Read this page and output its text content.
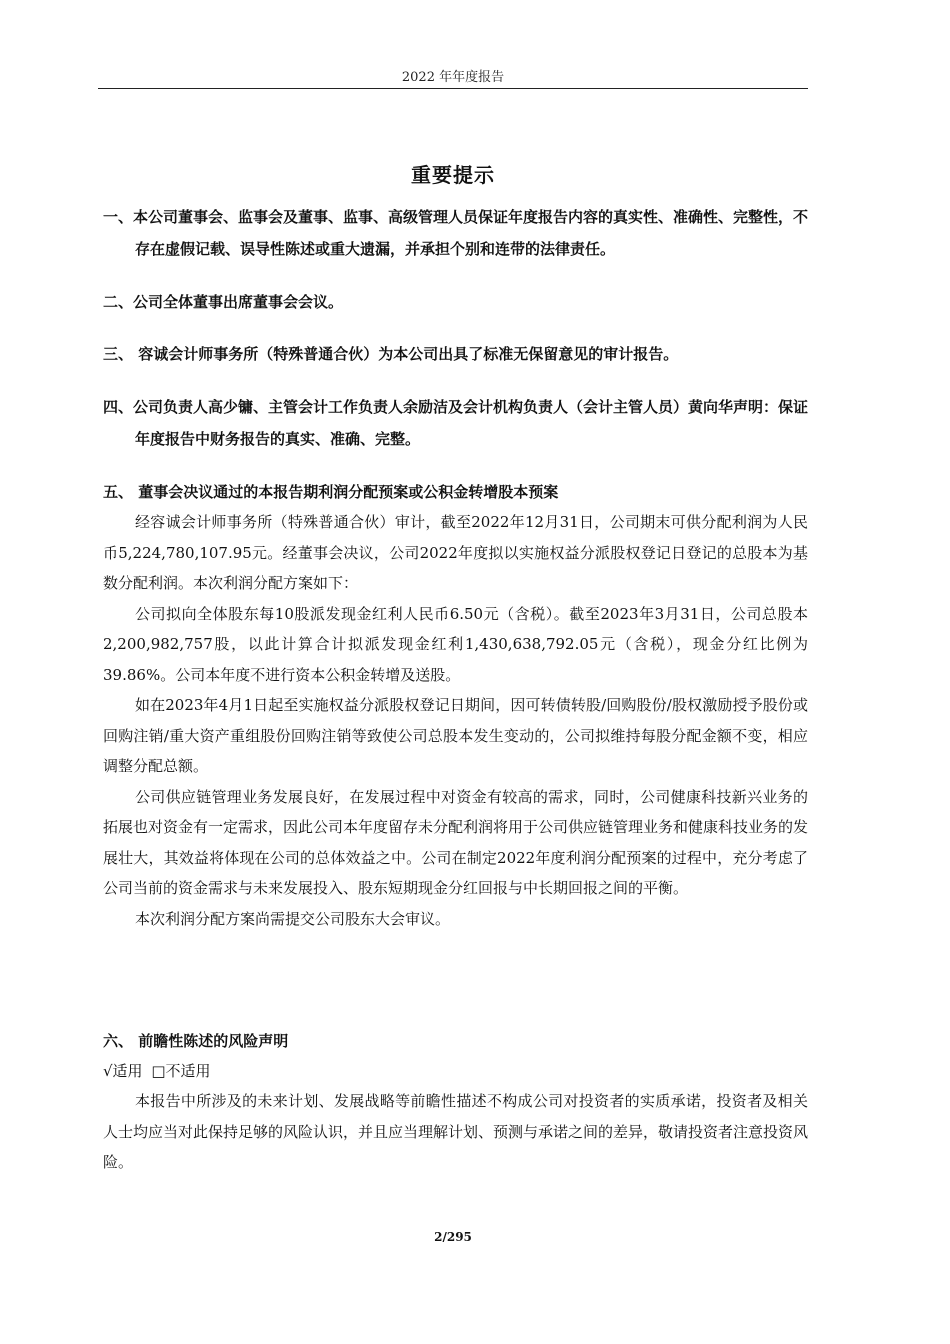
2022 年年度报告
重要提示

一、本公司董事会、监事会及董事、监事、高级管理人员保证年度报告内容的真实性、准确性、完整性，不存在虚假记载、误导性陈述或重大遗漏，并承担个别和连带的法律责任。

二、公司全体董事出席董事会会议。

三、 容诚会计师事务所（特殊普通合伙）为本公司出具了标准无保留意见的审计报告。

四、公司负责人高少镛、主管会计工作负责人余励洁及会计机构负责人（会计主管人员）黄向华声明：保证年度报告中财务报告的真实、准确、完整。

五、 董事会决议通过的本报告期利润分配预案或公积金转增股本预案

经容诚会计师事务所（特殊普通合伙）审计，截至2022年12月31日，公司期末可供分配利润为人民币5,224,780,107.95元。经董事会决议，公司2022年度拟以实施权益分派股权登记日登记的总股本为基数分配利润。本次利润分配方案如下：

公司拟向全体股东每10股派发现金红利人民币6.50元（含税）。截至2023年3月31日，公司总股本2,200,982,757股，以此计算合计拟派发现金红利1,430,638,792.05元（含税），现金分红比例为39.86%。公司本年度不进行资本公积金转增及送股。

如在2023年4月1日起至实施权益分派股权登记日期间，因可转债转股/回购股份/股权激励授予股份或回购注销/重大资产重组股份回购注销等致使公司总股本发生变动的，公司拟维持每股分配金额不变，相应调整分配总额。

公司供应链管理业务发展良好，在发展过程中对资金有较高的需求，同时，公司健康科技新兴业务的拓展也对资金有一定需求，因此公司本年度留存未分配利润将用于公司供应链管理业务和健康科技业务的发展壮大，其效益将体现在公司的总体效益之中。公司在制定2022年度利润分配预案的过程中，充分考虑了公司当前的资金需求与未来发展投入、股东短期现金分红回报与中长期回报之间的平衡。

本次利润分配方案尚需提交公司股东大会审议。

六、 前瞻性陈述的风险声明

√适用 □不适用

本报告中所涉及的未来计划、发展战略等前瞻性描述不构成公司对投资者的实质承诺，投资者及相关人士均应当对此保持足够的风险认识，并且应当理解计划、预测与承诺之间的差异，敬请投资者注意投资风险。

2/295
